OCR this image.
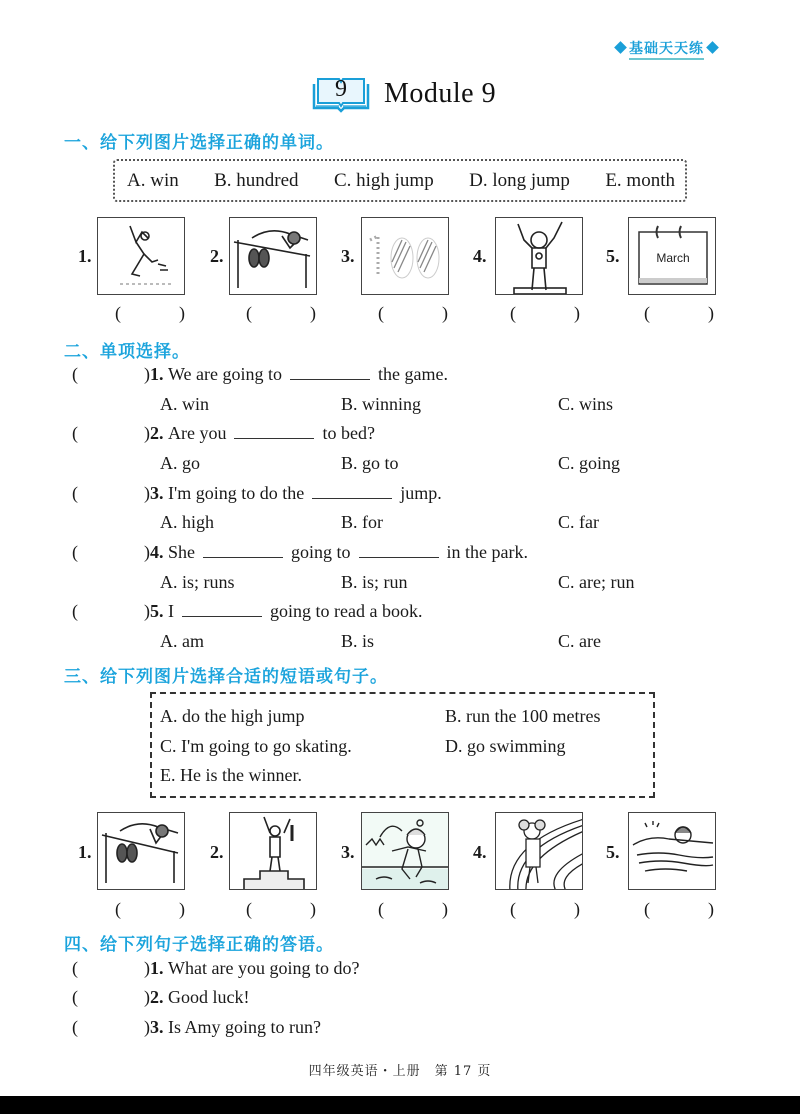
基础天天练
9	Module 9
一、给下列图片选择正确的单词。
A. win B. hundred C. high jump D. long jump E. month
1.
(	)
2.
(	)
3.
(	)
4.
(	)
5.	March
(	)
二、单项选择。
(	) 1.
We are going to	the game.
A. win	B. winning	C. wins
(	) 2.
Are you	to bed?
A. go	B. go to	C. going
(	) 3.
I'm going to do the	jump.
A. high	B. for	C. far
(	) 4.
She	going to	in the park.
A. is; runs	B. is; run	C. are; run
(	) 5.
I	going to read a book.
A. am	B. is	C. are
三、给下列图片选择合适的短语或句子。
A. do the high jump	B. run the 100 metres
C. I'm going to go skating.	D. go swimming
E. He is the winner.
1.
(	)
2.
(	)
3.
(	)
4.
(	)
5.
(	)
四、给下列句子选择正确的答语。
(	) 1.
What are you going to do?
(	) 2.
Good luck!
(	) 3.
Is Amy going to run?
四年级英语・上册　第 17 页
